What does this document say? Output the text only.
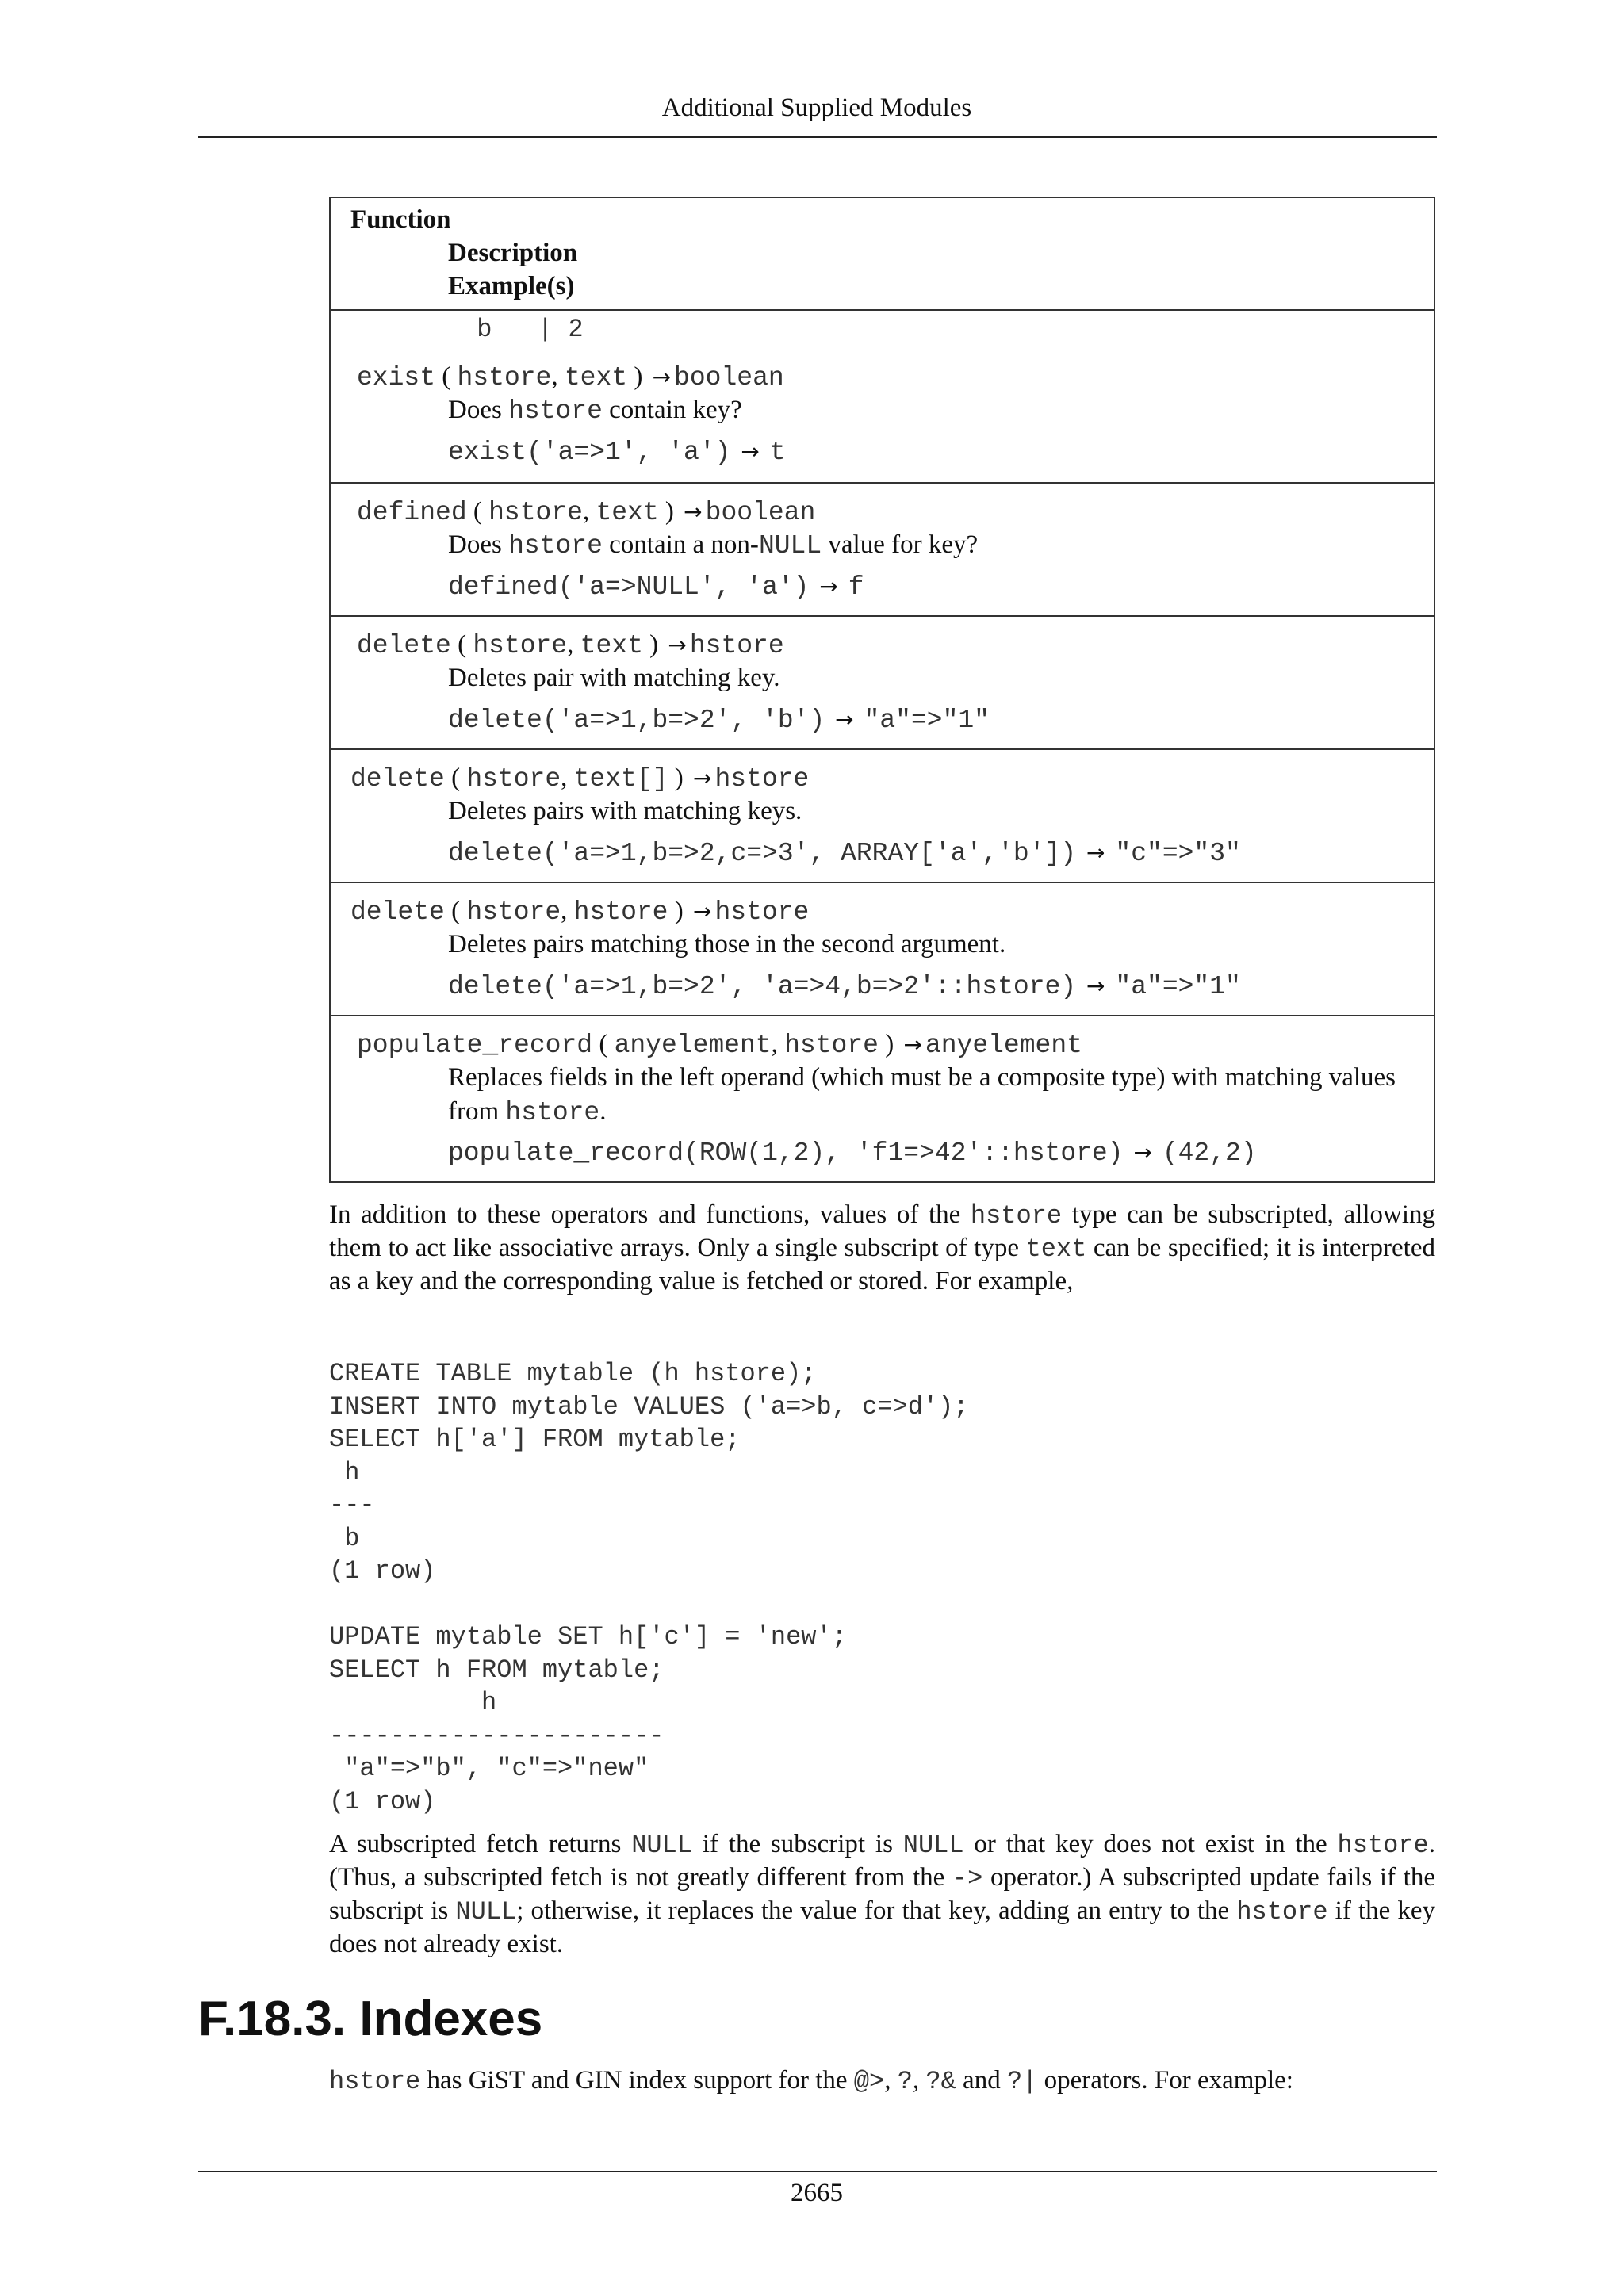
Additional Supplied Modules
Function
Description
Example(s)
b   | 2
exist ( hstore, text ) → boolean
Does hstore contain key?
exist('a=>1', 'a') → t
defined ( hstore, text ) → boolean
Does hstore contain a non-NULL value for key?
defined('a=>NULL', 'a') → f
delete ( hstore, text ) → hstore
Deletes pair with matching key.
delete('a=>1,b=>2', 'b') → "a"=>"1"
delete ( hstore, text[] ) → hstore
Deletes pairs with matching keys.
delete('a=>1,b=>2,c=>3', ARRAY['a','b']) → "c"=>"3"
delete ( hstore, hstore ) → hstore
Deletes pairs matching those in the second argument.
delete('a=>1,b=>2', 'a=>4,b=>2'::hstore) → "a"=>"1"
populate_record ( anyelement, hstore ) → anyelement
Replaces fields in the left operand (which must be a composite type) with matching values from hstore.
populate_record(ROW(1,2), 'f1=>42'::hstore) → (42,2)
In addition to these operators and functions, values of the hstore type can be subscripted, allowing them to act like associative arrays. Only a single subscript of type text can be specified; it is interpreted as a key and the corresponding value is fetched or stored. For example,
CREATE TABLE mytable (h hstore);
INSERT INTO mytable VALUES ('a=>b, c=>d');
SELECT h['a'] FROM mytable;
h
---
b
(1 row)

UPDATE mytable SET h['c'] = 'new';
SELECT h FROM mytable;
h
----------------------
"a"=>"b", "c"=>"new"
(1 row)
A subscripted fetch returns NULL if the subscript is NULL or that key does not exist in the hstore. (Thus, a subscripted fetch is not greatly different from the -> operator.) A subscripted update fails if the subscript is NULL; otherwise, it replaces the value for that key, adding an entry to the hstore if the key does not already exist.
F.18.3. Indexes
hstore has GiST and GIN index support for the @>, ?, ?& and ?| operators. For example:
2665
